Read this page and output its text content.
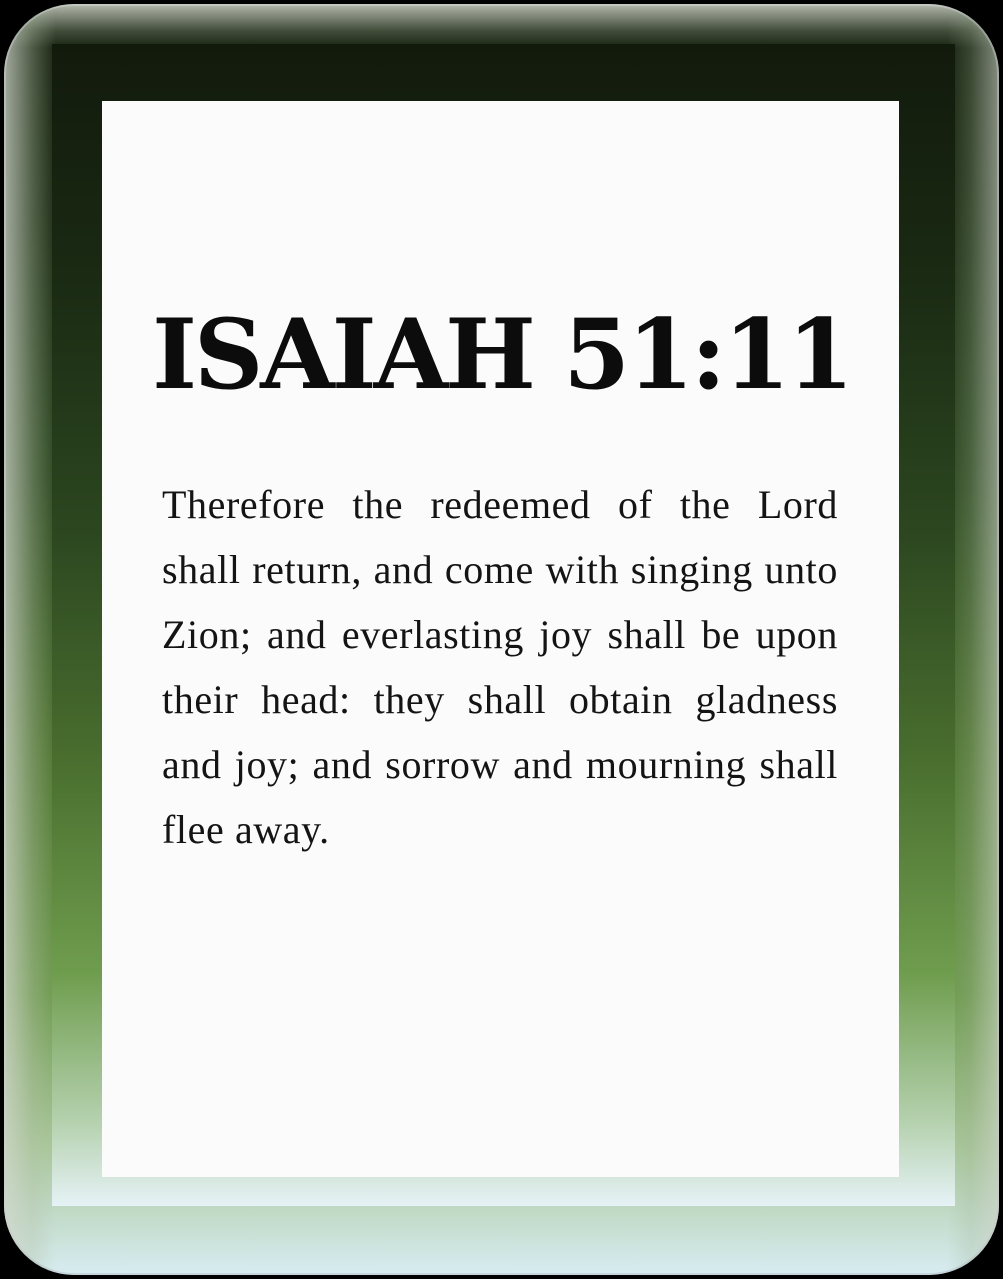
ISAIAH 51:11

Therefore the redeemed of the Lord shall return, and come with singing unto Zion; and everlasting joy shall be upon their head: they shall obtain gladness and joy; and sorrow and mourning shall flee away.
